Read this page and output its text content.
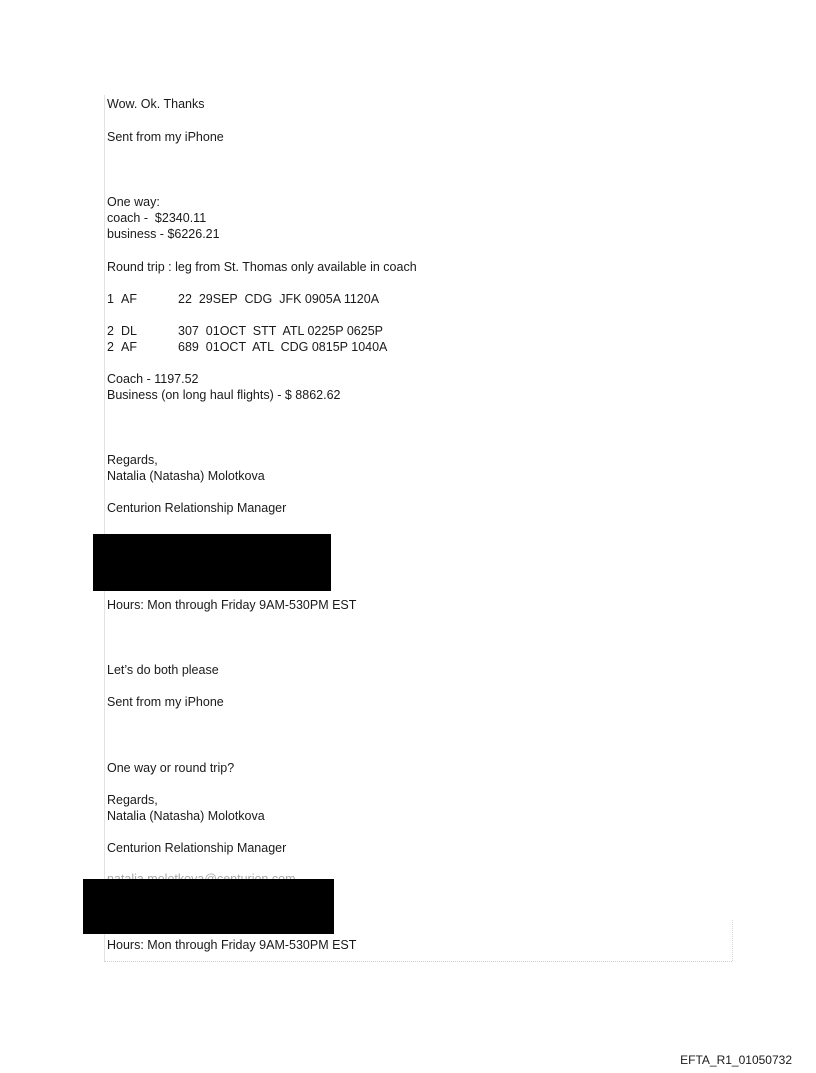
Wow. Ok. Thanks
Sent from my iPhone
One way:
coach -  $2340.11
business - $6226.21
Round trip : leg from St. Thomas only available in coach
1 AF	22  29SEP  CDG  JFK 0905A 1120A
2 DL	307  01OCT  STT  ATL 0225P 0625P
2 AF	689  01OCT  ATL  CDG 0815P 1040A
Coach - 1197.52
Business (on long haul flights) - $ 8862.62
Regards,
Natalia (Natasha) Molotkova
Centurion Relationship Manager
Hours: Mon through Friday 9AM-530PM EST
Let’s do both please
Sent from my iPhone
One way or round trip?
Regards,
Natalia (Natasha) Molotkova
Centurion Relationship Manager
Hours: Mon through Friday 9AM-530PM EST
EFTA_R1_01050732
